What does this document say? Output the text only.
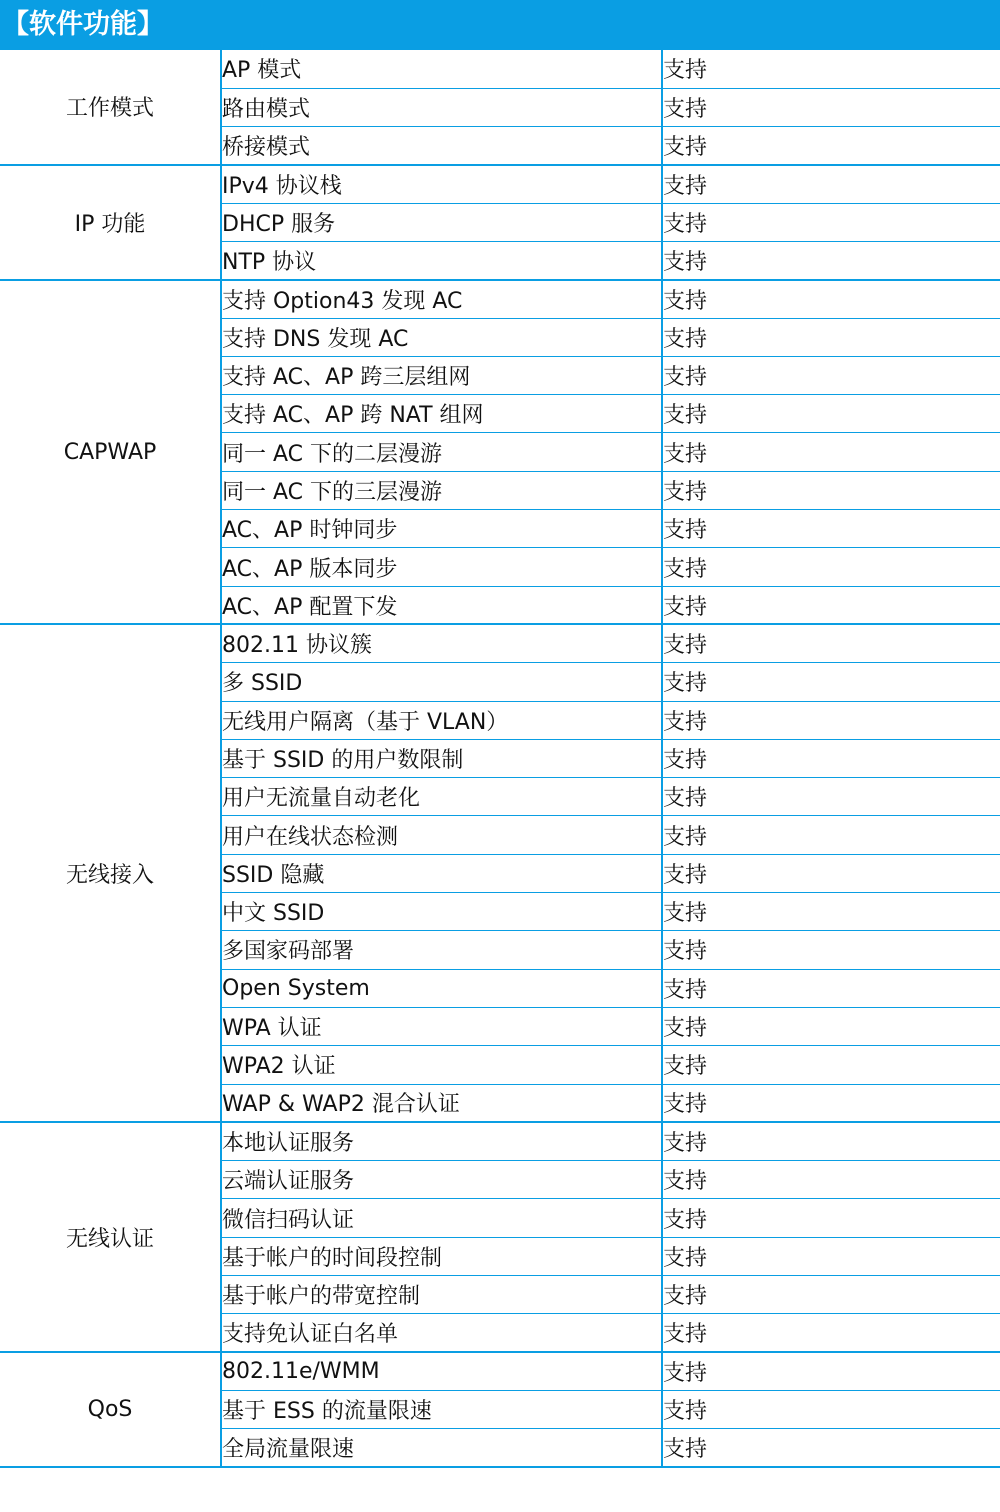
【软件功能】
工作模式	AP 模式	支持
	路由模式	支持
	桥接模式	支持
IP 功能	IPv4 协议栈	支持
	DHCP 服务	支持
	NTP 协议	支持
CAPWAP	支持 Option43 发现 AC	支持
	支持 DNS 发现 AC	支持
	支持 AC、AP 跨三层组网	支持
	支持 AC、AP 跨 NAT 组网	支持
	同一 AC 下的二层漫游	支持
	同一 AC 下的三层漫游	支持
	AC、AP 时钟同步	支持
	AC、AP 版本同步	支持
	AC、AP 配置下发	支持
无线接入	802.11 协议簇	支持
	多 SSID	支持
	无线用户隔离（基于 VLAN）	支持
	基于 SSID 的用户数限制	支持
	用户无流量自动老化	支持
	用户在线状态检测	支持
	SSID 隐藏	支持
	中文 SSID	支持
	多国家码部署	支持
	Open System	支持
	WPA 认证	支持
	WPA2 认证	支持
	WAP & WAP2 混合认证	支持
无线认证	本地认证服务	支持
	云端认证服务	支持
	微信扫码认证	支持
	基于帐户的时间段控制	支持
	基于帐户的带宽控制	支持
	支持免认证白名单	支持
QoS	802.11e/WMM	支持
	基于 ESS 的流量限速	支持
	全局流量限速	支持
